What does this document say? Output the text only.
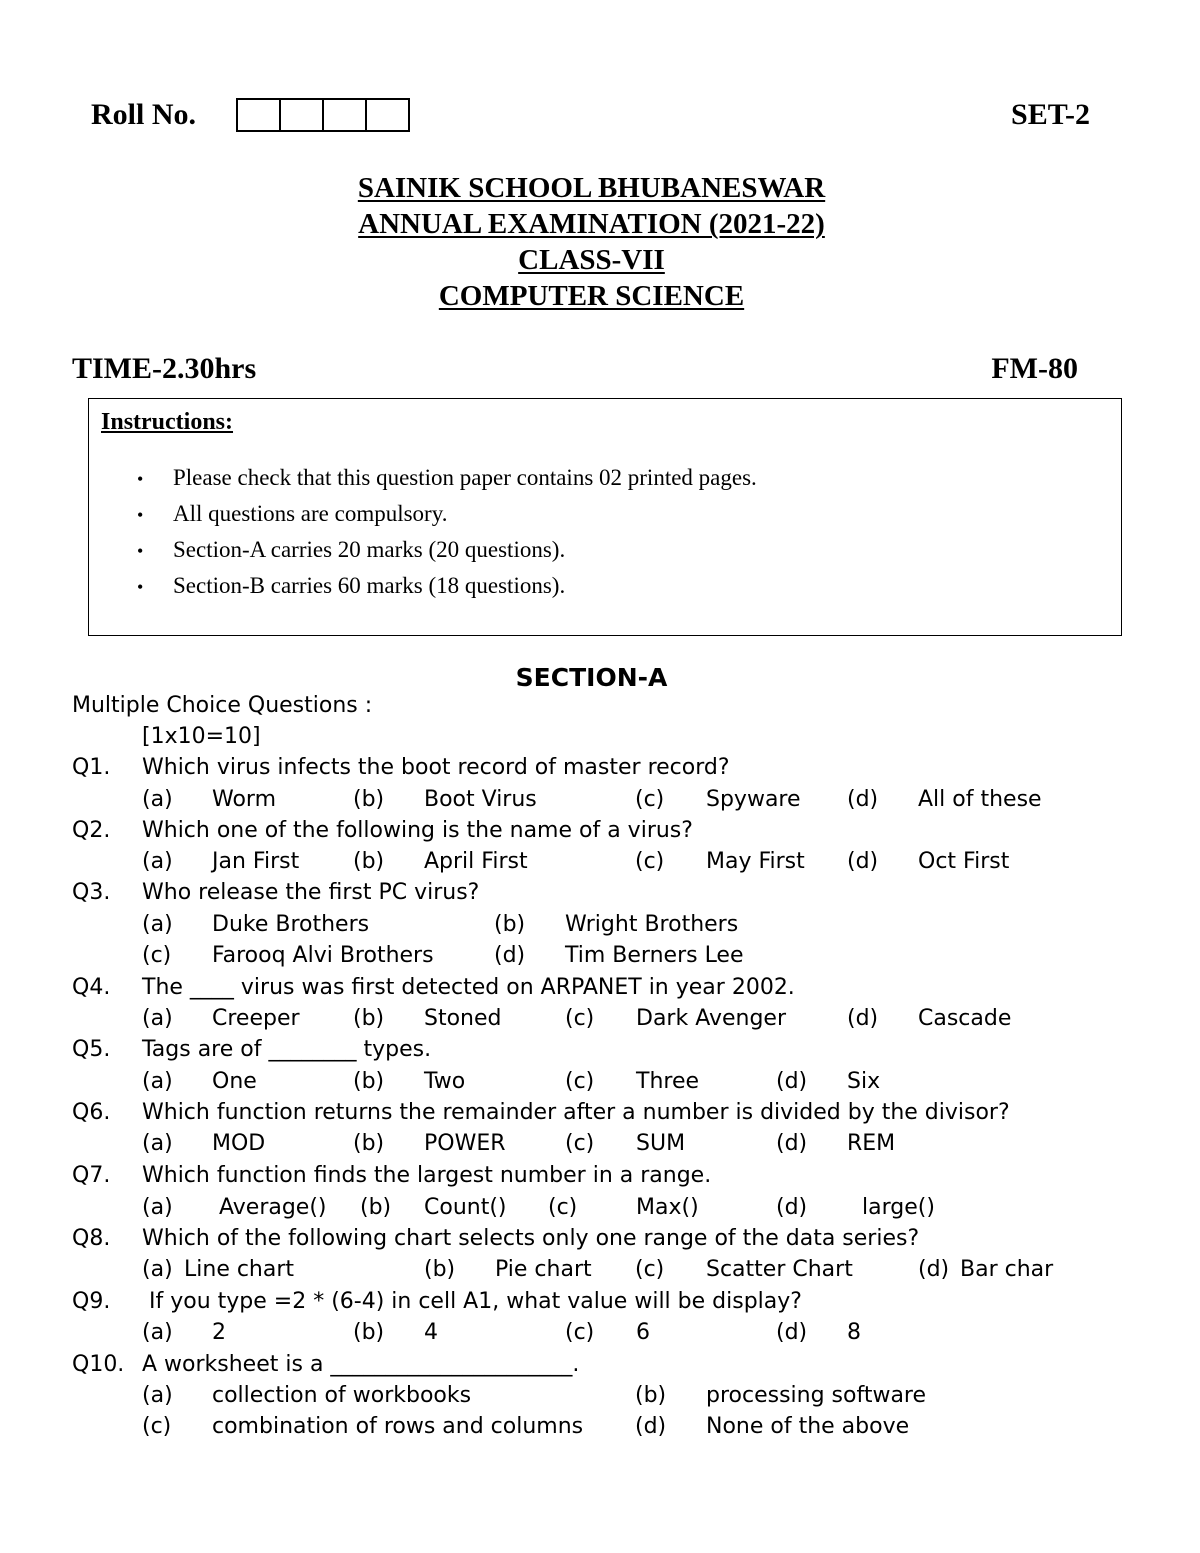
Roll No.	SET-2
SAINIK SCHOOL BHUBANESWAR
ANNUAL EXAMINATION (2021-22)
CLASS-VII
COMPUTER SCIENCE
TIME-2.30hrs	FM-80
Instructions:
• Please check that this question paper contains 02 printed pages.
• All questions are compulsory.
• Section-A carries 20 marks (20 questions).
• Section-B carries 60 marks (18 questions).
SECTION-A
Multiple Choice Questions :
[1x10=10]
Q1. Which virus infects the boot record of master record?
(a) Worm	(b) Boot Virus	(c) Spyware (d) All of these
Q2. Which one of the following is the name of a virus?
(a) Jan First (b) April First	(c) May First (d) Oct First
Q3. Who release the first PC virus?
(a) Duke Brothers	(b) Wright Brothers
(c) Farooq Alvi Brothers	(d) Tim Berners Lee
Q4. The ____ virus was first detected on ARPANET in year 2002.
(a) Creeper (b) Stoned	(c) Dark Avenger	(d) Cascade
Q5. Tags are of ________ types.
(a) One	(b) Two	(c) Three	(d) Six
Q6. Which function returns the remainder after a number is divided by the divisor?
(a) MOD	(b) POWER	(c) SUM	(d) REM
Q7. Which function finds the largest number in a range.
(a) Average() (b) Count() (c)	Max()	(d) large()
Q8. Which of the following chart selects only one range of the data series?
(a) Line chart	(b) Pie chart (c) Scatter Chart	(d) Bar char
Q9. If you type =2 * (6-4) in cell A1, what value will be display?
(a) 2	(b) 4	(c) 6	(d) 8
Q10. A worksheet is a ______________________.
(a) collection of workbooks	(b) processing software
(c) combination of rows and columns (d) None of the above
